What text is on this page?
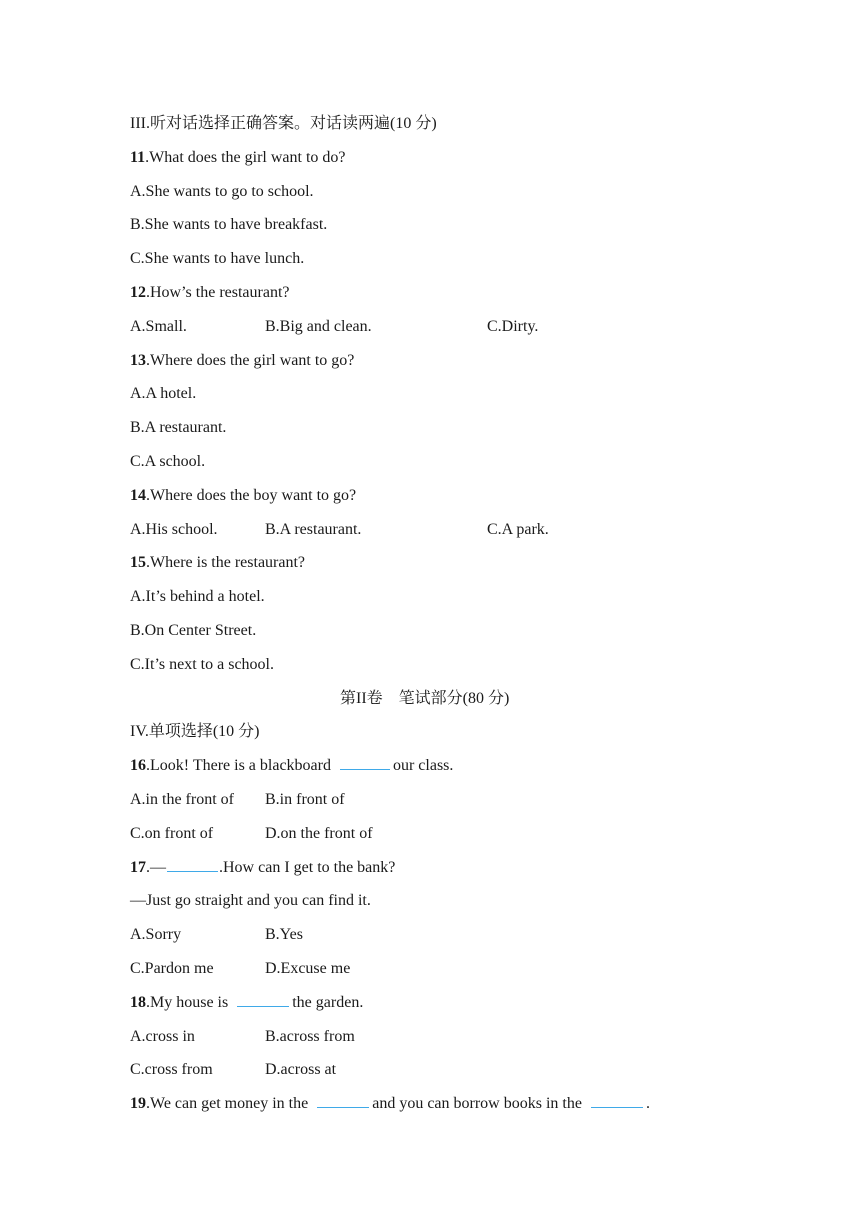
III.听对话选择正确答案。对话读两遍(10 分)
11.What does the girl want to do?
A.She wants to go to school.
B.She wants to have breakfast.
C.She wants to have lunch.
12.How’s the restaurant?
A.Small.	B.Big and clean.	C.Dirty.
13.Where does the girl want to go?
A.A hotel.
B.A restaurant.
C.A school.
14.Where does the boy want to go?
A.His school.	B.A restaurant.	C.A park.
15.Where is the restaurant?
A.It’s behind a hotel.
B.On Center Street.
C.It’s next to a school.
第II卷　笔试部分(80 分)
IV.单项选择(10 分)
16.Look! There is a blackboard	our class.
A.in the front of B.in front of
C.on front of	D.on the front of
17.—	.How can I get to the bank?
—Just go straight and you can find it.
A.Sorry	B.Yes
C.Pardon me	D.Excuse me
18.My house is	the garden.
A.cross in	B.across from
C.cross from	D.across at
19.We can get money in the	and you can borrow books in the	.
